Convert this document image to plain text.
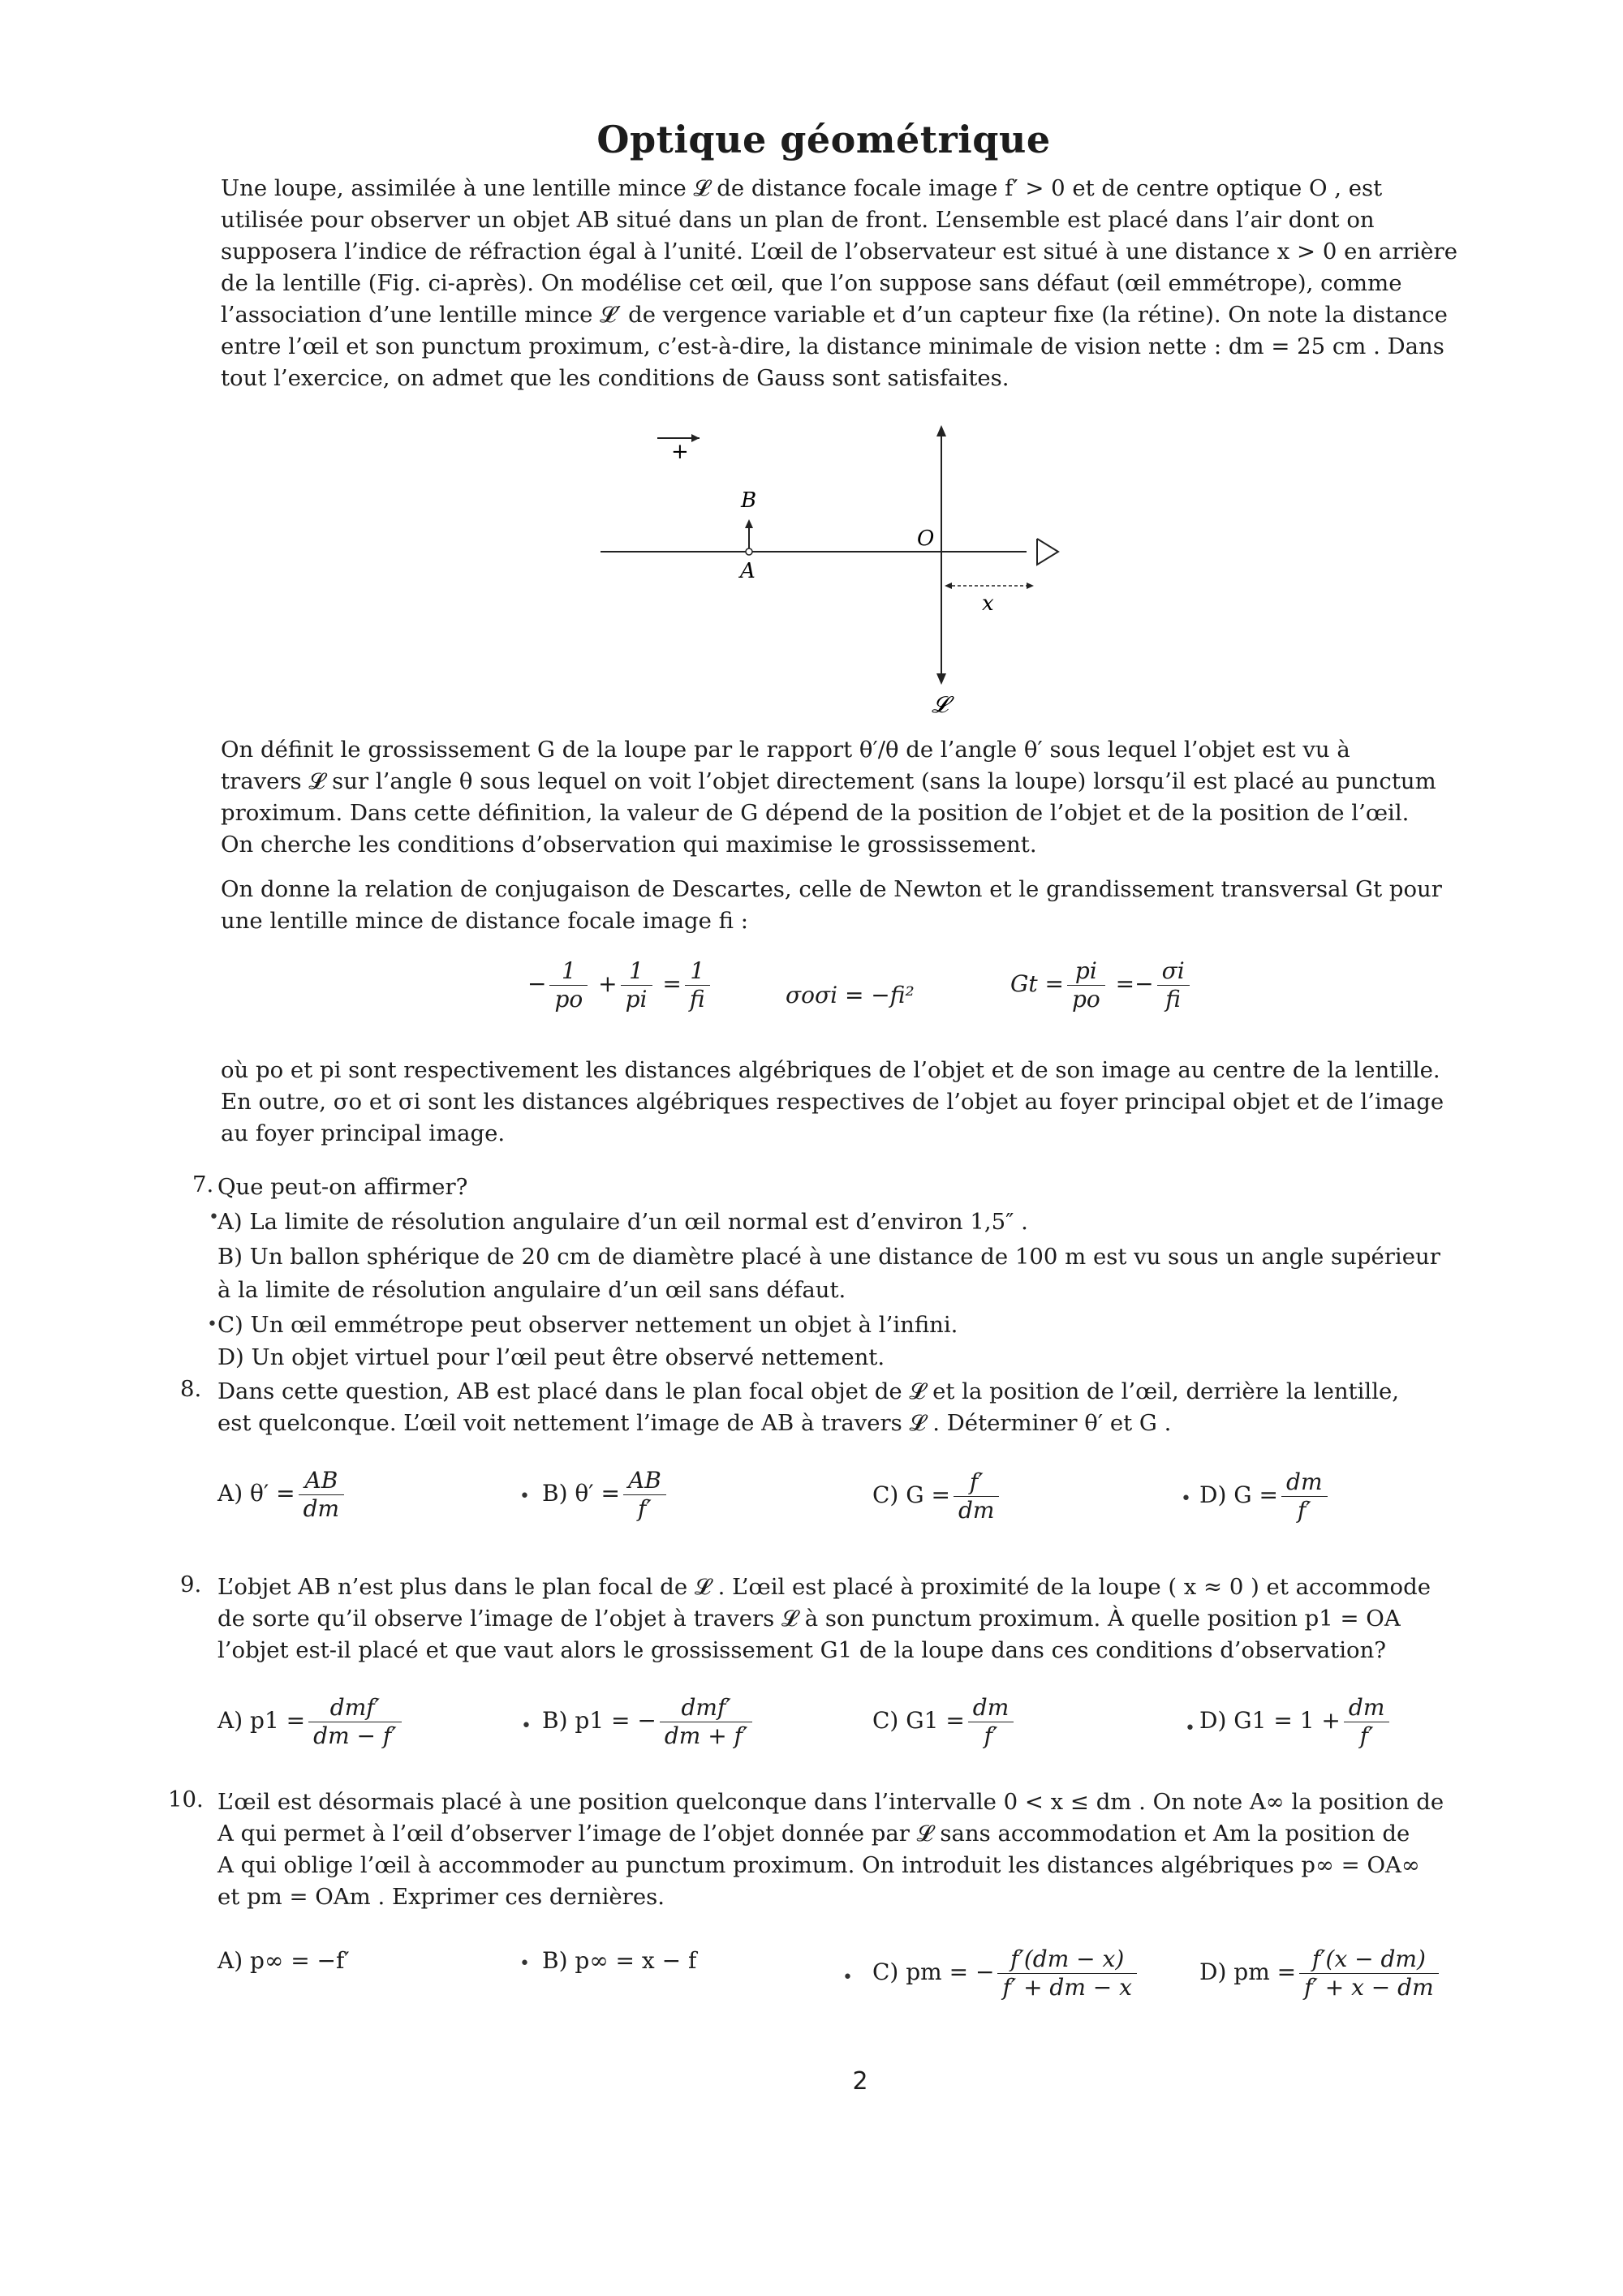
Optique géométrique
Une loupe, assimilée à une lentille mince 𝓛 de distance focale image f′ > 0 et de centre optique O , est
utilisée pour observer un objet AB situé dans un plan de front. L’ensemble est placé dans l’air dont on
supposera l’indice de réfraction égal à l’unité. L’œil de l’observateur est situé à une distance x > 0 en arrière
de la lentille (Fig. ci-après). On modélise cet œil, que l’on suppose sans défaut (œil emmétrope), comme
l’association d’une lentille mince 𝓛′ de vergence variable et d’un capteur fixe (la rétine). On note la distance
entre l’œil et son punctum proximum, c’est-à-dire, la distance minimale de vision nette : dm = 25 cm . Dans
tout l’exercice, on admet que les conditions de Gauss sont satisfaites.
+
B
A
O
𝓛
x
On définit le grossissement G de la loupe par le rapport θ′/θ de l’angle θ′ sous lequel l’objet est vu à
travers 𝓛 sur l’angle θ sous lequel on voit l’objet directement (sans la loupe) lorsqu’il est placé au punctum
proximum. Dans cette définition, la valeur de G dépend de la position de l’objet et de la position de l’œil.
On cherche les conditions d’observation qui maximise le grossissement.
On donne la relation de conjugaison de Descartes, celle de Newton et le grandissement transversal Gt pour
une lentille mince de distance focale image fi :
− $\frac{1}{po} + \frac{1}{pi} = \frac{1}{fi}$	σoσi = −fi²	$Gt = \frac{pi}{po} =- \frac{\sigma i}{fi}$
où po et pi sont respectivement les distances algébriques de l’objet et de son image au centre de la lentille.
En outre, σo et σi sont les distances algébriques respectives de l’objet au foyer principal objet et de l’image
au foyer principal image.
7. Que peut-on affirmer?
•
A) La limite de résolution angulaire d’un œil normal est d’environ 1,5″ .
B) Un ballon sphérique de 20 cm de diamètre placé à une distance de 100 m est vu sous un angle supérieur
à la limite de résolution angulaire d’un œil sans défaut.
• C) Un œil emmétrope peut observer nettement un objet à l’infini.
D) Un objet virtuel pour l’œil peut être observé nettement.
8. Dans cette question, AB est placé dans le plan focal objet de 𝓛 et la position de l’œil, derrière la lentille,
est quelconque. L’œil voit nettement l’image de AB à travers 𝓛 . Déterminer θ′ et G .
A) $\theta' = \frac{AB}{dm}$	• B) $\theta' = \frac{AB}{f'}$	C) $G = \frac{f'}{dm}$	• D) $G = \frac{dm}{f'}$
9. L’objet AB n’est plus dans le plan focal de 𝓛 . L’œil est placé à proximité de la loupe ( x ≈ 0 ) et accommode
de sorte qu’il observe l’image de l’objet à travers 𝓛 à son punctum proximum. À quelle position p1 = OA
l’objet est-il placé et que vaut alors le grossissement G1 de la loupe dans ces conditions d’observation?
A) $p1 = \frac{\text{dmf′}}{dm - f'}$	• B) p1 = − $\frac{\text{dmf′}}{dm + f'}$	C) $G1 = \frac{dm}{f'}$	• D) $G1 = 1 + \frac{dm}{f'}$
10. L’œil est désormais placé à une position quelconque dans l’intervalle 0 < x ≤ dm . On note A∞ la position de
A qui permet à l’œil d’observer l’image de l’objet donnée par 𝓛 sans accommodation et Am la position de
A qui oblige l’œil à accommoder au punctum proximum. On introduit les distances algébriques p∞ = OA∞
et pm = OAm . Exprimer ces dernières.
A) p∞ = −f′	• B) p∞ = x − f
• C) pm = − $\frac{f'(dm - x)}{f' + dm - x}$	D) pm = $\frac{f'(x - dm)}{f' + x - dm}$
2
